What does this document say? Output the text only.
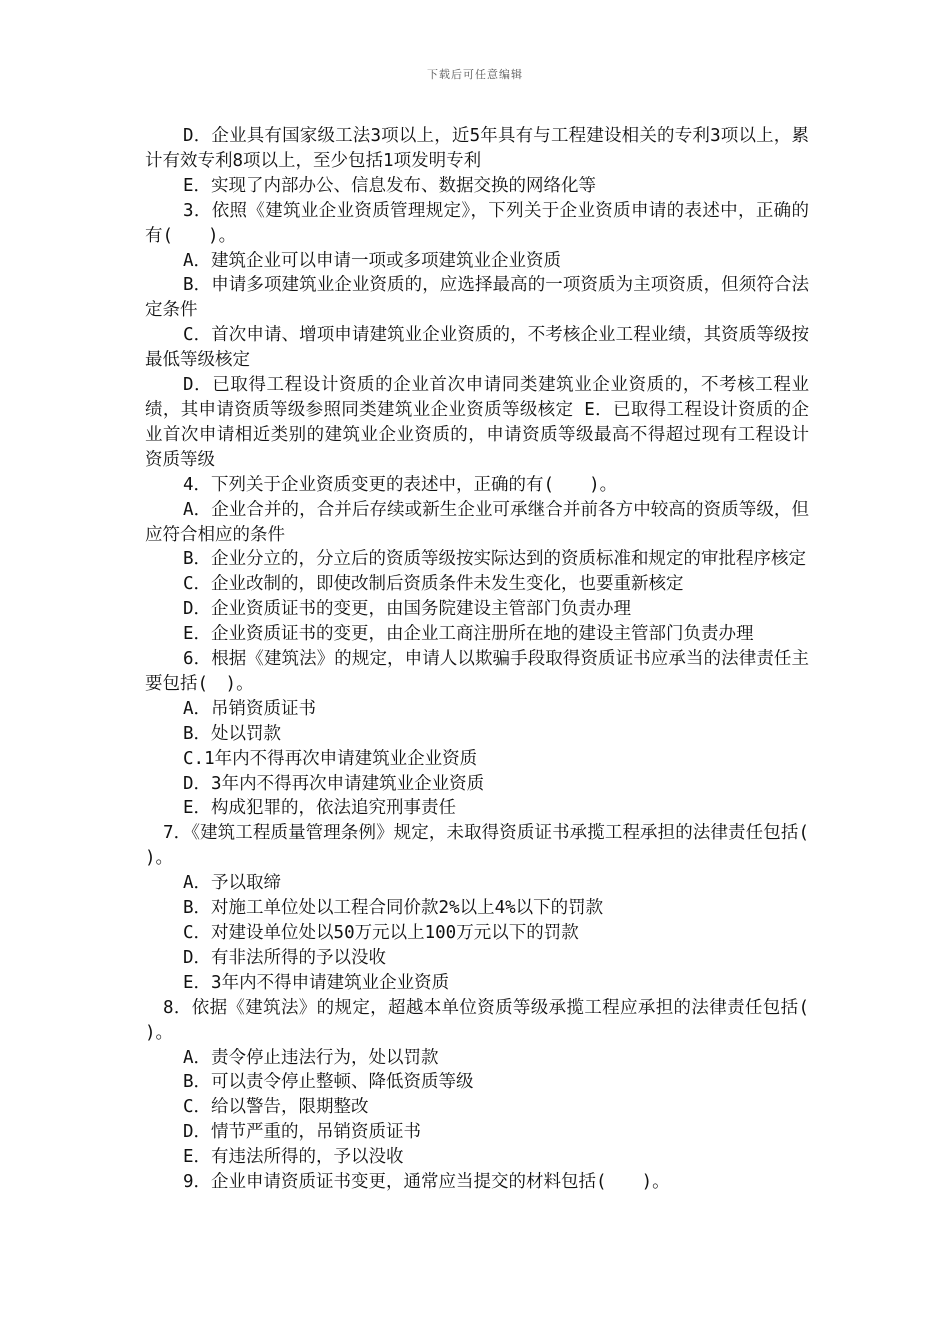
下载后可任意编辑

D．企业具有国家级工法3项以上，近5年具有与工程建设相关的专利3项以上，累计有效专利8项以上，至少包括1项发明专利

E．实现了内部办公、信息发布、数据交换的网络化等

3．依照《建筑业企业资质管理规定》，下列关于企业资质申请的表述中，正确的有(　　)。

A．建筑企业可以申请一项或多项建筑业企业资质

B．申请多项建筑业企业资质的，应选择最高的一项资质为主项资质，但须符合法定条件

C．首次申请、增项申请建筑业企业资质的，不考核企业工程业绩，其资质等级按最低等级核定

D．已取得工程设计资质的企业首次申请同类建筑业企业资质的，不考核工程业绩，其申请资质等级参照同类建筑业企业资质等级核定 E．已取得工程设计资质的企业首次申请相近类别的建筑业企业资质的，申请资质等级最高不得超过现有工程设计资质等级

4．下列关于企业资质变更的表述中，正确的有(　　)。

A．企业合并的，合并后存续或新生企业可承继合并前各方中较高的资质等级，但应符合相应的条件

B．企业分立的，分立后的资质等级按实际达到的资质标准和规定的审批程序核定

C．企业改制的，即使改制后资质条件未发生变化，也要重新核定

D．企业资质证书的变更，由国务院建设主管部门负责办理

E．企业资质证书的变更，由企业工商注册所在地的建设主管部门负责办理

6．根据《建筑法》的规定，申请人以欺骗手段取得资质证书应承当的法律责任主要包括(　)。

A．吊销资质证书

B．处以罚款

C.1年内不得再次申请建筑业企业资质

D．3年内不得再次申请建筑业企业资质

E．构成犯罪的，依法追究刑事责任

7．《建筑工程质量管理条例》规定，未取得资质证书承揽工程承担的法律责任包括(　　)。

A．予以取缔

B．对施工单位处以工程合同价款2%以上4%以下的罚款

C．对建设单位处以50万元以上100万元以下的罚款

D．有非法所得的予以没收

E．3年内不得申请建筑业企业资质

8．依据《建筑法》的规定，超越本单位资质等级承揽工程应承担的法律责任包括(　　)。

A．责令停止违法行为，处以罚款

B．可以责令停止整顿、降低资质等级

C．给以警告，限期整改

D．情节严重的，吊销资质证书

E．有违法所得的，予以没收

9．企业申请资质证书变更，通常应当提交的材料包括(　　)。
